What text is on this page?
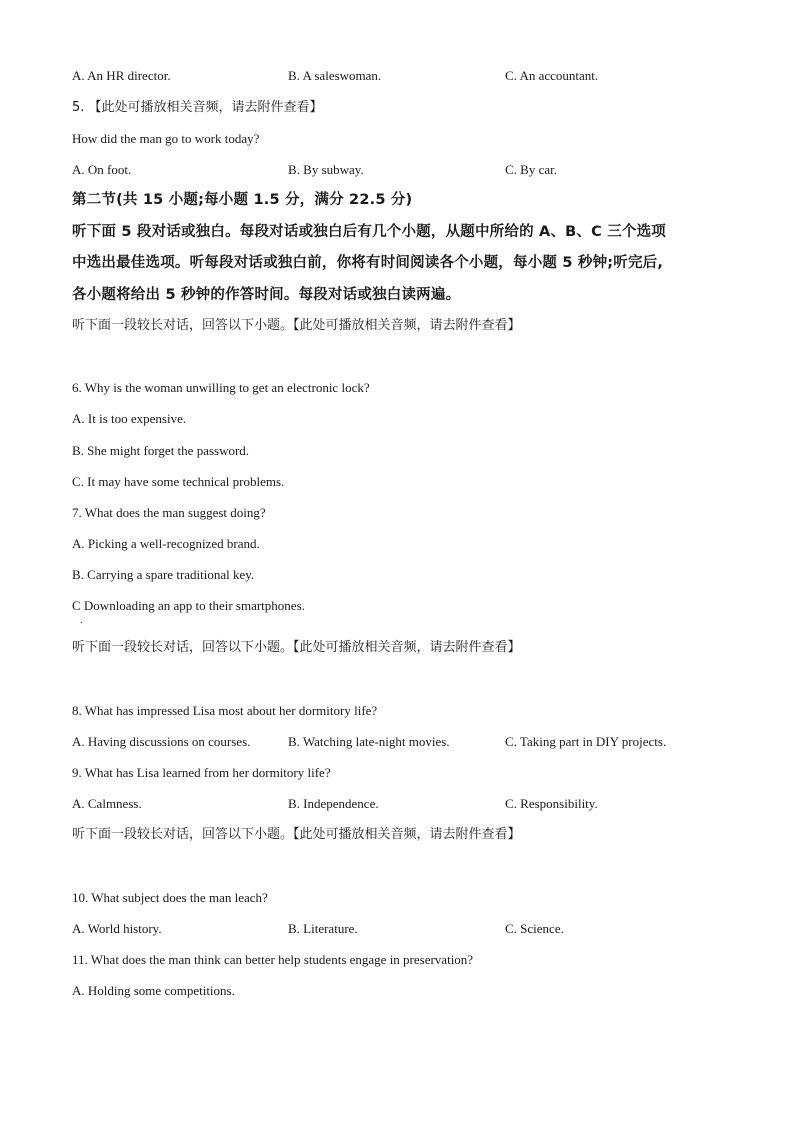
A. An HR director.	B. A saleswoman.	C. An accountant.
5. 【此处可播放相关音频，请去附件查看】
How did the man go to work today?
A. On foot.	B. By subway.	C. By car.
第二节(共 15 小题;每小题 1.5 分，满分 22.5 分)
听下面 5 段对话或独白。每段对话或独白后有几个小题，从题中所给的 A、B、C 三个选项
中选出最佳选项。听每段对话或独白前，你将有时间阅读各个小题，每小题 5 秒钟;听完后,
各小题将给出 5 秒钟的作答时间。每段对话或独白读两遍。
听下面一段较长对话，回答以下小题。【此处可播放相关音频，请去附件查看】
6. Why is the woman unwilling to get an electronic lock?
A. It is too expensive.
B. She might forget the password.
C. It may have some technical problems.
7. What does the man suggest doing?
A. Picking a well-recognized brand.
B. Carrying a spare traditional key.
C Downloading an app to their smartphones.
.
听下面一段较长对话，回答以下小题。【此处可播放相关音频，请去附件查看】
8. What has impressed Lisa most about her dormitory life?
A. Having discussions on courses.	B. Watching late-night movies.	C. Taking part in DIY projects.
9. What has Lisa learned from her dormitory life?
A. Calmness.	B. Independence.	C. Responsibility.
听下面一段较长对话，回答以下小题。【此处可播放相关音频，请去附件查看】
10. What subject does the man leach?
A. World history.	B. Literature.	C. Science.
11. What does the man think can better help students engage in preservation?
A. Holding some competitions.
